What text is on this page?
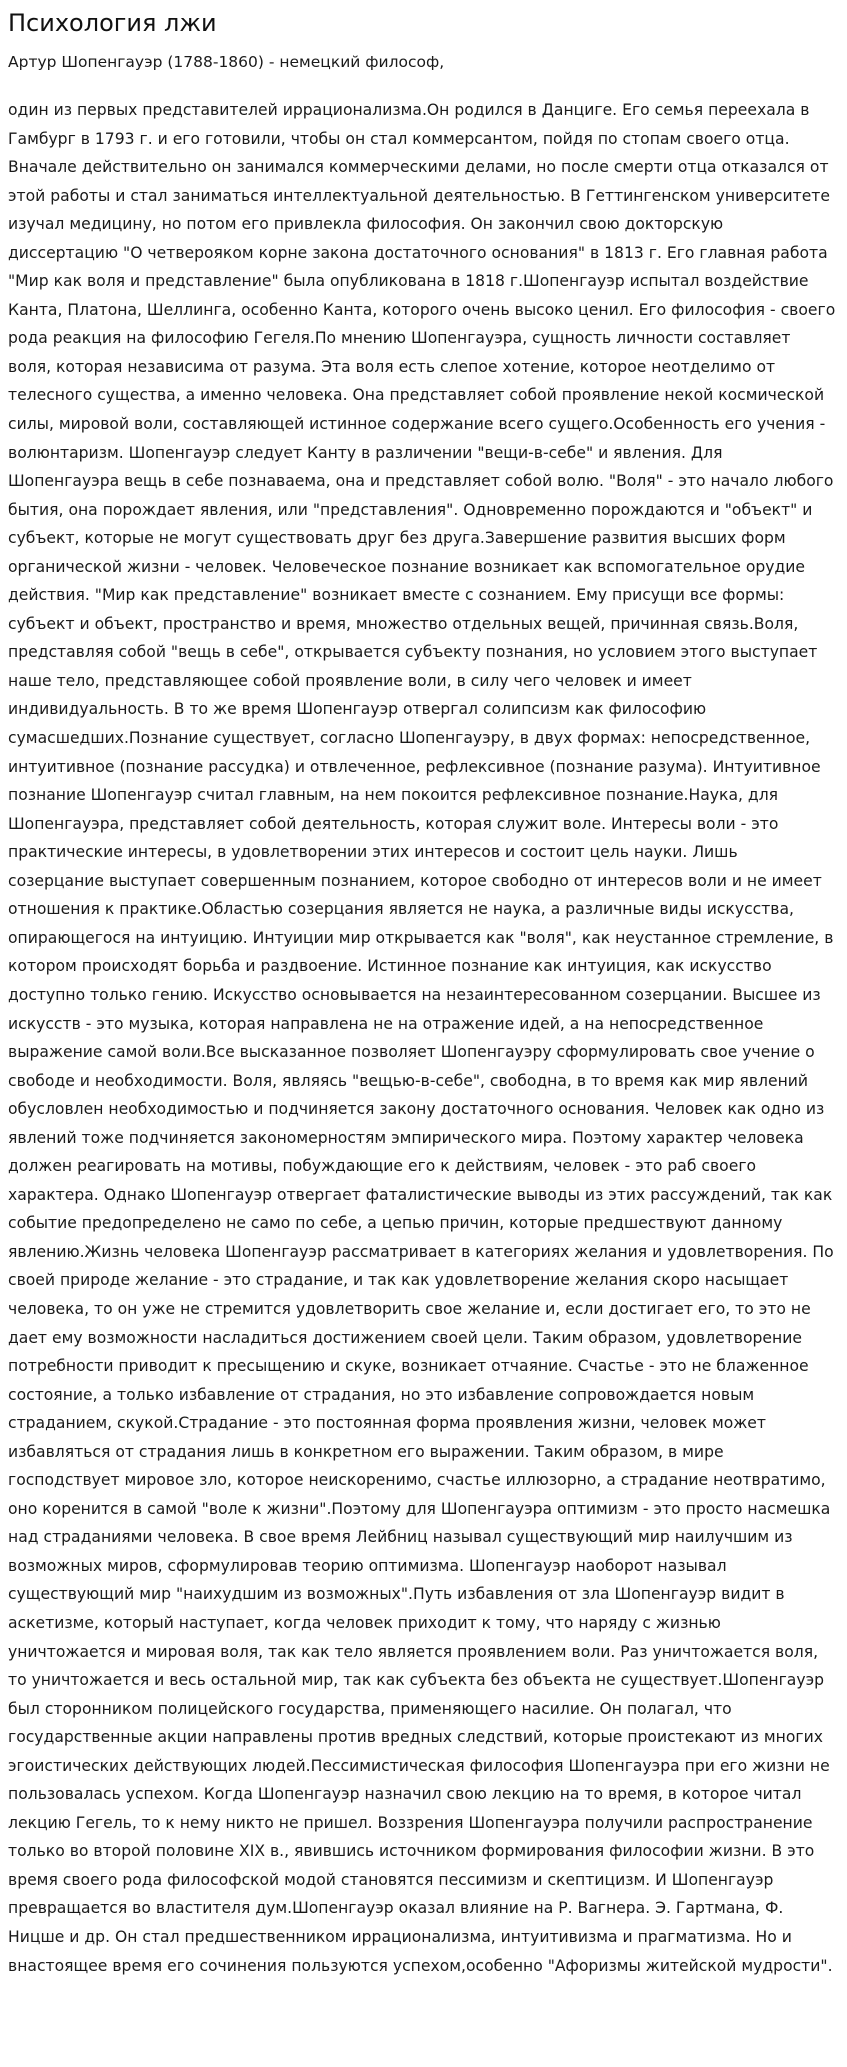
Психология лжи

Артур Шопенгауэр (1788-1860) - немецкий философ,

один из первых представителей иррационализма.Он родился в Данциге. Его семья переехала в Гамбург в 1793 г. и его готовили, чтобы он стал коммерсантом, пойдя по стопам своего отца. Вначале действительно он занимался коммерческими делами, но после смерти отца отказался от этой работы и стал заниматься интеллектуальной деятельностью. В Геттингенском университете изучал медицину, но потом его привлекла философия. Он закончил свою докторскую диссертацию "О четвероякoм корне закона достаточного основания" в 1813 г. Его главная работа "Мир как воля и представление" была опубликована в 1818 г.Шопенгауэр испытал воздействие Канта, Платона, Шеллинга, особенно Канта, которого очень высоко ценил. Его философия - своего рода реакция на философию Гегеля.По мнению Шопенгауэра, сущность личности составляет воля, которая независима от разума. Эта воля есть слепое хотение, которое неотделимо от телесного существа, а именно человека. Она представляет собой проявление некой космической силы, мировой воли, составляющей истинное содержание всего сущего.Особенность его учения - волюнтаризм. Шопенгауэр следует Канту в различении "вещи-в-себе" и явления. Для Шопенгауэра вещь в себе познаваема, она и представляет собой волю. "Воля" - это начало любого бытия, она порождает явления, или "представления". Одновременно порождаются и "объект" и субъект, которые не могут существовать друг без друга.Завершение развития высших форм органической жизни - человек. Человеческое познание возникает как вспомогательное орудие действия. "Мир как представление" возникает вместе с сознанием. Ему присущи все формы: субъект и объект, пространство и время, множество отдельных вещей, причинная связь.Воля, представляя собой "вещь в себе", открывается субъекту познания, но условием этого выступает наше тело, представляющее собой проявление воли, в силу чего человек и имеет индивидуальность. В то же время Шопенгауэр отвергал солипсизм как философию сумасшедших.Познание существует, согласно Шопенгауэру, в двух формах: непосредственное, интуитивное (познание рассудка) и отвлеченное, рефлексивное (познание разума). Интуитивное познание Шопенгауэр считал главным, на нем покоится рефлексивное познание.Наука, для Шопенгауэра, представляет собой деятельность, которая служит воле. Интересы воли - это практические интересы, в удовлетворении этих интересов и состоит цель науки. Лишь созерцание выступает совершенным познанием, которое свободно от интересов воли и не имеет отношения к практике.Областью созерцания является не наука, а различные виды искусства, опирающегося на интуицию. Интуиции мир открывается как "воля", как неустанное стремление, в котором происходят борьба и раздвоение. Истинное познание как интуиция, как искусство доступно только гению. Искусство основывается на незаинтересованном созерцании. Высшее из искусств - это музыка, которая направлена не на отражение идей, а на непосредственное выражение самой воли.Все высказанное позволяет Шопенгауэру сформулировать свое учение о свободе и необходимости. Воля, являясь "вещью-в-себе", свободна, в то время как мир явлений обусловлен необходимостью и подчиняется закону достаточного основания. Человек как одно из явлений тоже подчиняется закономерностям эмпирического мира. Поэтому характер человека должен реагировать на мотивы, побуждающие его к действиям, человек - это раб своего характера. Однако Шопенгауэр отвергает фаталистические выводы из этих рассуждений, так как событие предопределено не само по себе, а цепью причин, которые предшествуют данному явлению.Жизнь человека Шопенгауэр рассматривает в категориях желания и удовлетворения. По своей природе желание - это страдание, и так как удовлетворение желания скоро насыщает человека, то он уже не стремится удовлетворить свое желание и, если достигает его, то это не дает ему возможности насладиться достижением своей цели. Таким образом, удовлетворение потребности приводит к пресыщению и скуке, возникает отчаяние. Счастье - это не блаженное состояние, а только избавление от страдания, но это избавление сопровождается новым страданием, скукой.Страдание - это постоянная форма проявления жизни, человек может избавляться от страдания лишь в конкретном его выражении. Таким образом, в мире господствует мировое зло, которое неискоренимо, счастье иллюзорно, а страдание неотвратимо, оно коренится в самой "воле к жизни".Поэтому для Шопенгауэра оптимизм - это просто насмешка над страданиями человека. В свое время Лейбниц называл существующий мир наилучшим из возможных миров, сформулировав теорию оптимизма. Шопенгауэр наоборот называл существующий мир "наихудшим из возможных".Путь избавления от зла Шопенгауэр видит в аскетизме, который наступает, когда человек приходит к тому, что наряду с жизнью уничтожается и мировая воля, так как тело является проявлением воли. Раз уничтожается воля, то уничтожается и весь остальной мир, так как субъекта без объекта не существует.Шопенгауэр был сторонником полицейского государства, применяющего насилие. Он полагал, что государственные акции направлены против вредных следствий, которые проистекают из многих эгоистических действующих людей.Пессимистическая философия Шопенгауэра при его жизни не пользовалась успехом. Когда Шопенгауэр назначил свою лекцию на то время, в которое читал лекцию Гегель, то к нему никто не пришел. Воззрения Шопенгауэра получили распространение только во второй половине XIX в., явившись источником формирования философии жизни. В это время своего рода философской модой становятся пессимизм и скептицизм. И Шопенгауэр превращается во властителя дум.Шопенгауэр оказал влияние на Р. Вагнера. Э. Гартмана, Ф. Ницше и др. Он стал предшественником иррационализма, интуитивизма и прагматизма. Но и внастоящее время его сочинения пользуются успехом,особенно "Афоризмы житейской мудрости".
